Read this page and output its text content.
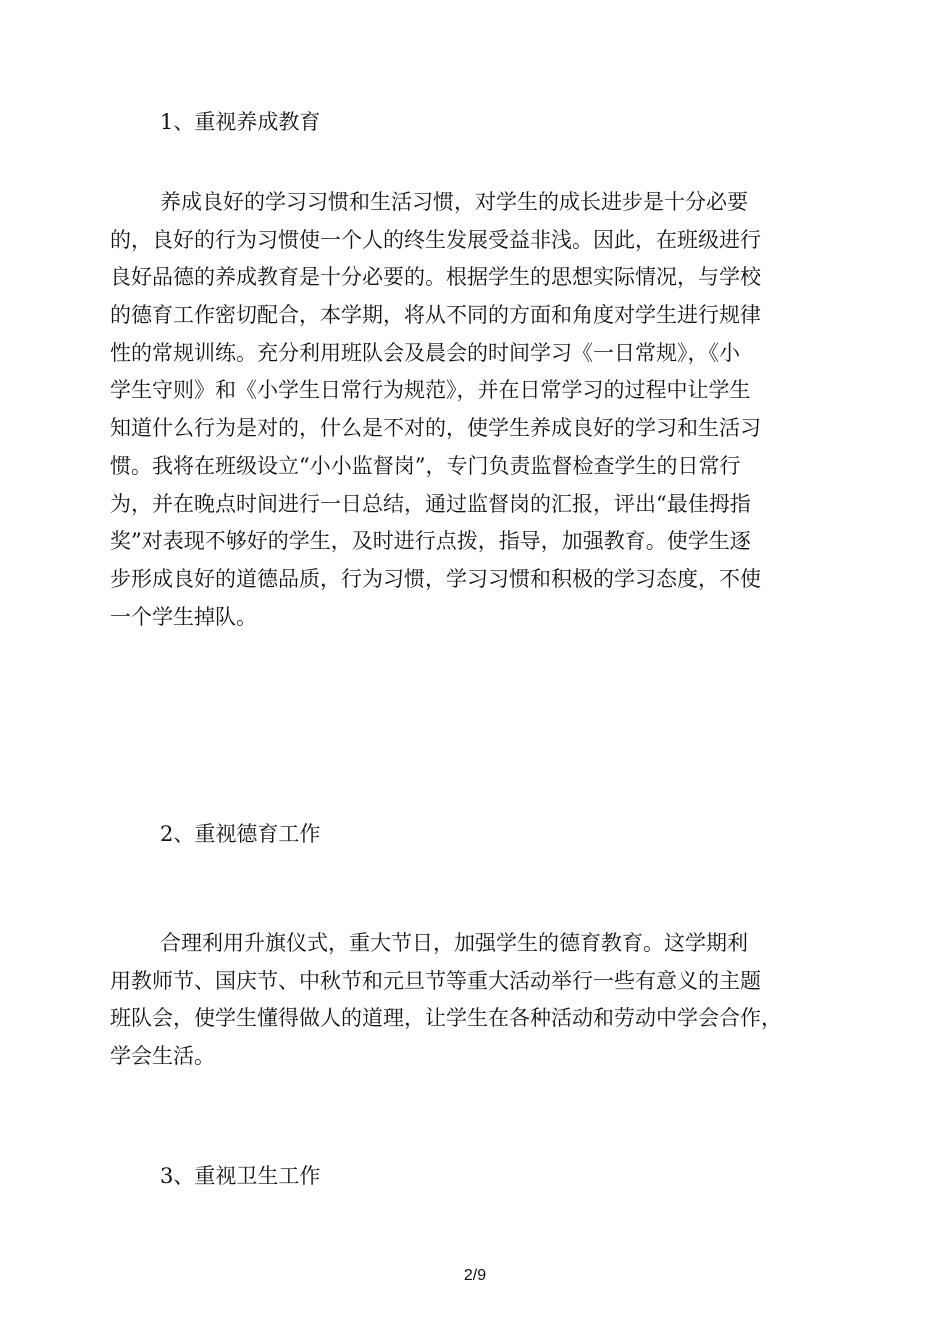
1、重视养成教育
养成良好的学习习惯和生活习惯，对学生的成长进步是十分必要
的，良好的行为习惯使一个人的终生发展受益非浅。因此，在班级进行
良好品德的养成教育是十分必要的。根据学生的思想实际情况，与学校
的德育工作密切配合，本学期，将从不同的方面和角度对学生进行规律
性的常规训练。充分利用班队会及晨会的时间学习《一日常规》，《小
学生守则》和《小学生日常行为规范》，并在日常学习的过程中让学生
知道什么行为是对的，什么是不对的，使学生养成良好的学习和生活习
惯。我将在班级设立“小小监督岗”，专门负责监督检查学生的日常行
为，并在晚点时间进行一日总结，通过监督岗的汇报，评出“最佳拇指
奖”对表现不够好的学生，及时进行点拨，指导，加强教育。使学生逐
步形成良好的道德品质，行为习惯，学习习惯和积极的学习态度，不使
一个学生掉队。
2、重视德育工作
合理利用升旗仪式，重大节日，加强学生的德育教育。这学期利
用教师节、国庆节、中秋节和元旦节等重大活动举行一些有意义的主题
班队会，使学生懂得做人的道理，让学生在各种活动和劳动中学会合作，
学会生活。
3、重视卫生工作
2/9
